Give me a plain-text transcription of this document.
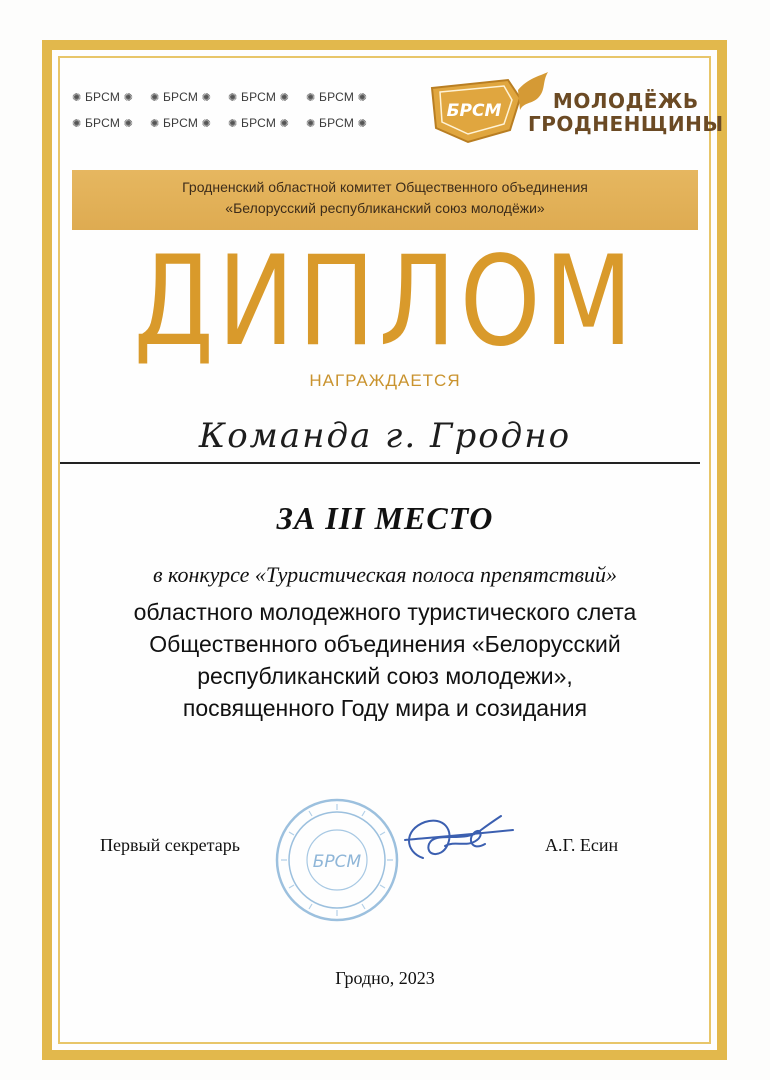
✺ БРСМ ✺ ✺ БРСМ ✺ ✺ БРСМ ✺ ✺ БРСМ ✺
✺ БРСМ ✺ ✺ БРСМ ✺ ✺ БРСМ ✺ ✺ БРСМ ✺
БРСМ	МОЛОДЁЖЬ
ГРОДНЕНЩИНЫ
Гродненский областной комитет Общественного объединения
«Белорусский республиканский союз молодёжи»
ДИПЛОМ
НАГРАЖДАЕТСЯ
Команда г. Гродно
ЗА III МЕСТО
в конкурсе «Туристическая полоса препятствий»
областного молодежного туристического слета
Общественного объединения «Белорусский
республиканский союз молодежи»,
посвященного Году мира и созидания
Первый секретарь
БРСМ
А.Г. Есин
Гродно, 2023
